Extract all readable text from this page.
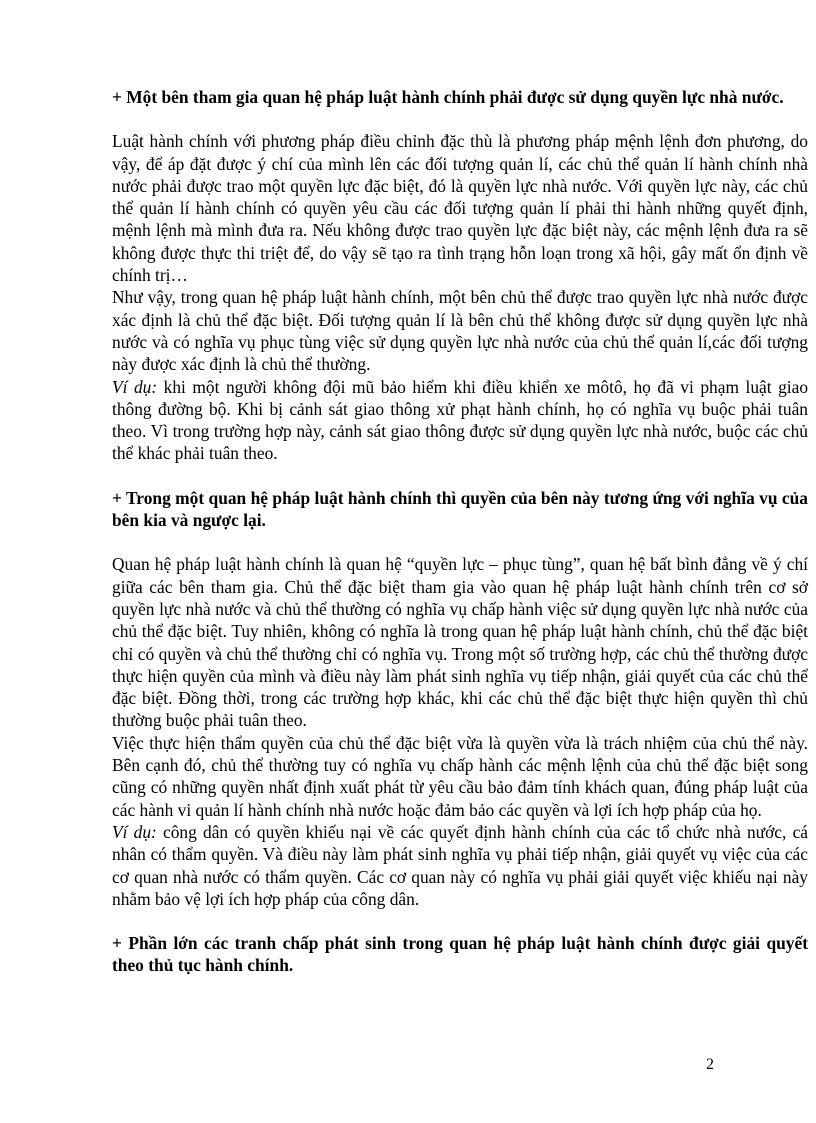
+ Một bên tham gia quan hệ pháp luật hành chính phải được sử dụng quyền lực nhà nước.

Luật hành chính với phương pháp điều chỉnh đặc thù là phương pháp mệnh lệnh đơn phương, do vậy, để áp đặt được ý chí của mình lên các đối tượng quản lí, các chủ thể quản lí hành chính nhà nước phải được trao một quyền lực đặc biệt, đó là quyền lực nhà nước. Với quyền lực này, các chủ thể quản lí hành chính có quyền yêu cầu các đối tượng quản lí phải thi hành những quyết định, mệnh lệnh mà mình đưa ra. Nếu không được trao quyền lực đặc biệt này, các mệnh lệnh đưa ra sẽ không được thực thi triệt để, do vậy sẽ tạo ra tình trạng hỗn loạn trong xã hội, gây mất ổn định về chính trị…

Như vậy, trong quan hệ pháp luật hành chính, một bên chủ thể được trao quyền lực nhà nước được xác định là chủ thể đặc biệt. Đối tượng quản lí là bên chủ thể không được sử dụng quyền lực nhà nước và có nghĩa vụ phục tùng việc sử dụng quyền lực nhà nước của chủ thể quản lí,các đối tượng này được xác định là chủ thể thường.

Ví dụ: khi một người không đội mũ bảo hiểm khi điều khiển xe môtô, họ đã vi phạm luật giao thông đường bộ. Khi bị cảnh sát giao thông xử phạt hành chính, họ có nghĩa vụ buộc phải tuân theo. Vì trong trường hợp này, cảnh sát giao thông được sử dụng quyền lực nhà nước, buộc các chủ thể khác phải tuân theo.

+ Trong một quan hệ pháp luật hành chính thì quyền của bên này tương ứng với nghĩa vụ của bên kia và ngược lại.

Quan hệ pháp luật hành chính là quan hệ “quyền lực – phục tùng”, quan hệ bất bình đẳng về ý chí giữa các bên tham gia. Chủ thể đặc biệt tham gia vào quan hệ pháp luật hành chính trên cơ sở quyền lực nhà nước và chủ thể thường có nghĩa vụ chấp hành việc sử dụng quyền lực nhà nước của chủ thể đặc biệt. Tuy nhiên, không có nghĩa là trong quan hệ pháp luật hành chính, chủ thể đặc biệt chỉ có quyền và chủ thể thường chỉ có nghĩa vụ. Trong một số trường hợp, các chủ thể thường được thực hiện quyền của mình và điều này làm phát sinh nghĩa vụ tiếp nhận, giải quyết của các chủ thể đặc biệt. Đồng thời, trong các trường hợp khác, khi các chủ thể đặc biệt thực hiện quyền thì chủ thường buộc phải tuân theo.

Việc thực hiện thẩm quyền của chủ thể đặc biệt vừa là quyền vừa là trách nhiệm của chủ thể này. Bên cạnh đó, chủ thể thường tuy có nghĩa vụ chấp hành các mệnh lệnh của chủ thể đặc biệt song cũng có những quyền nhất định xuất phát từ yêu cầu bảo đảm tính khách quan, đúng pháp luật của các hành vi quản lí hành chính nhà nước hoặc đảm bảo các quyền và lợi ích hợp pháp của họ.

Ví dụ: công dân có quyền khiếu nại về các quyết định hành chính của các tổ chức nhà nước, cá nhân có thẩm quyền. Và điều này làm phát sinh nghĩa vụ phải tiếp nhận, giải quyết vụ việc của các cơ quan nhà nước có thẩm quyền. Các cơ quan này có nghĩa vụ phải giải quyết việc khiếu nại này nhằm bảo vệ lợi ích hợp pháp của công dân.

+ Phần lớn các tranh chấp phát sinh trong quan hệ pháp luật hành chính được giải quyết theo thủ tục hành chính.

2
